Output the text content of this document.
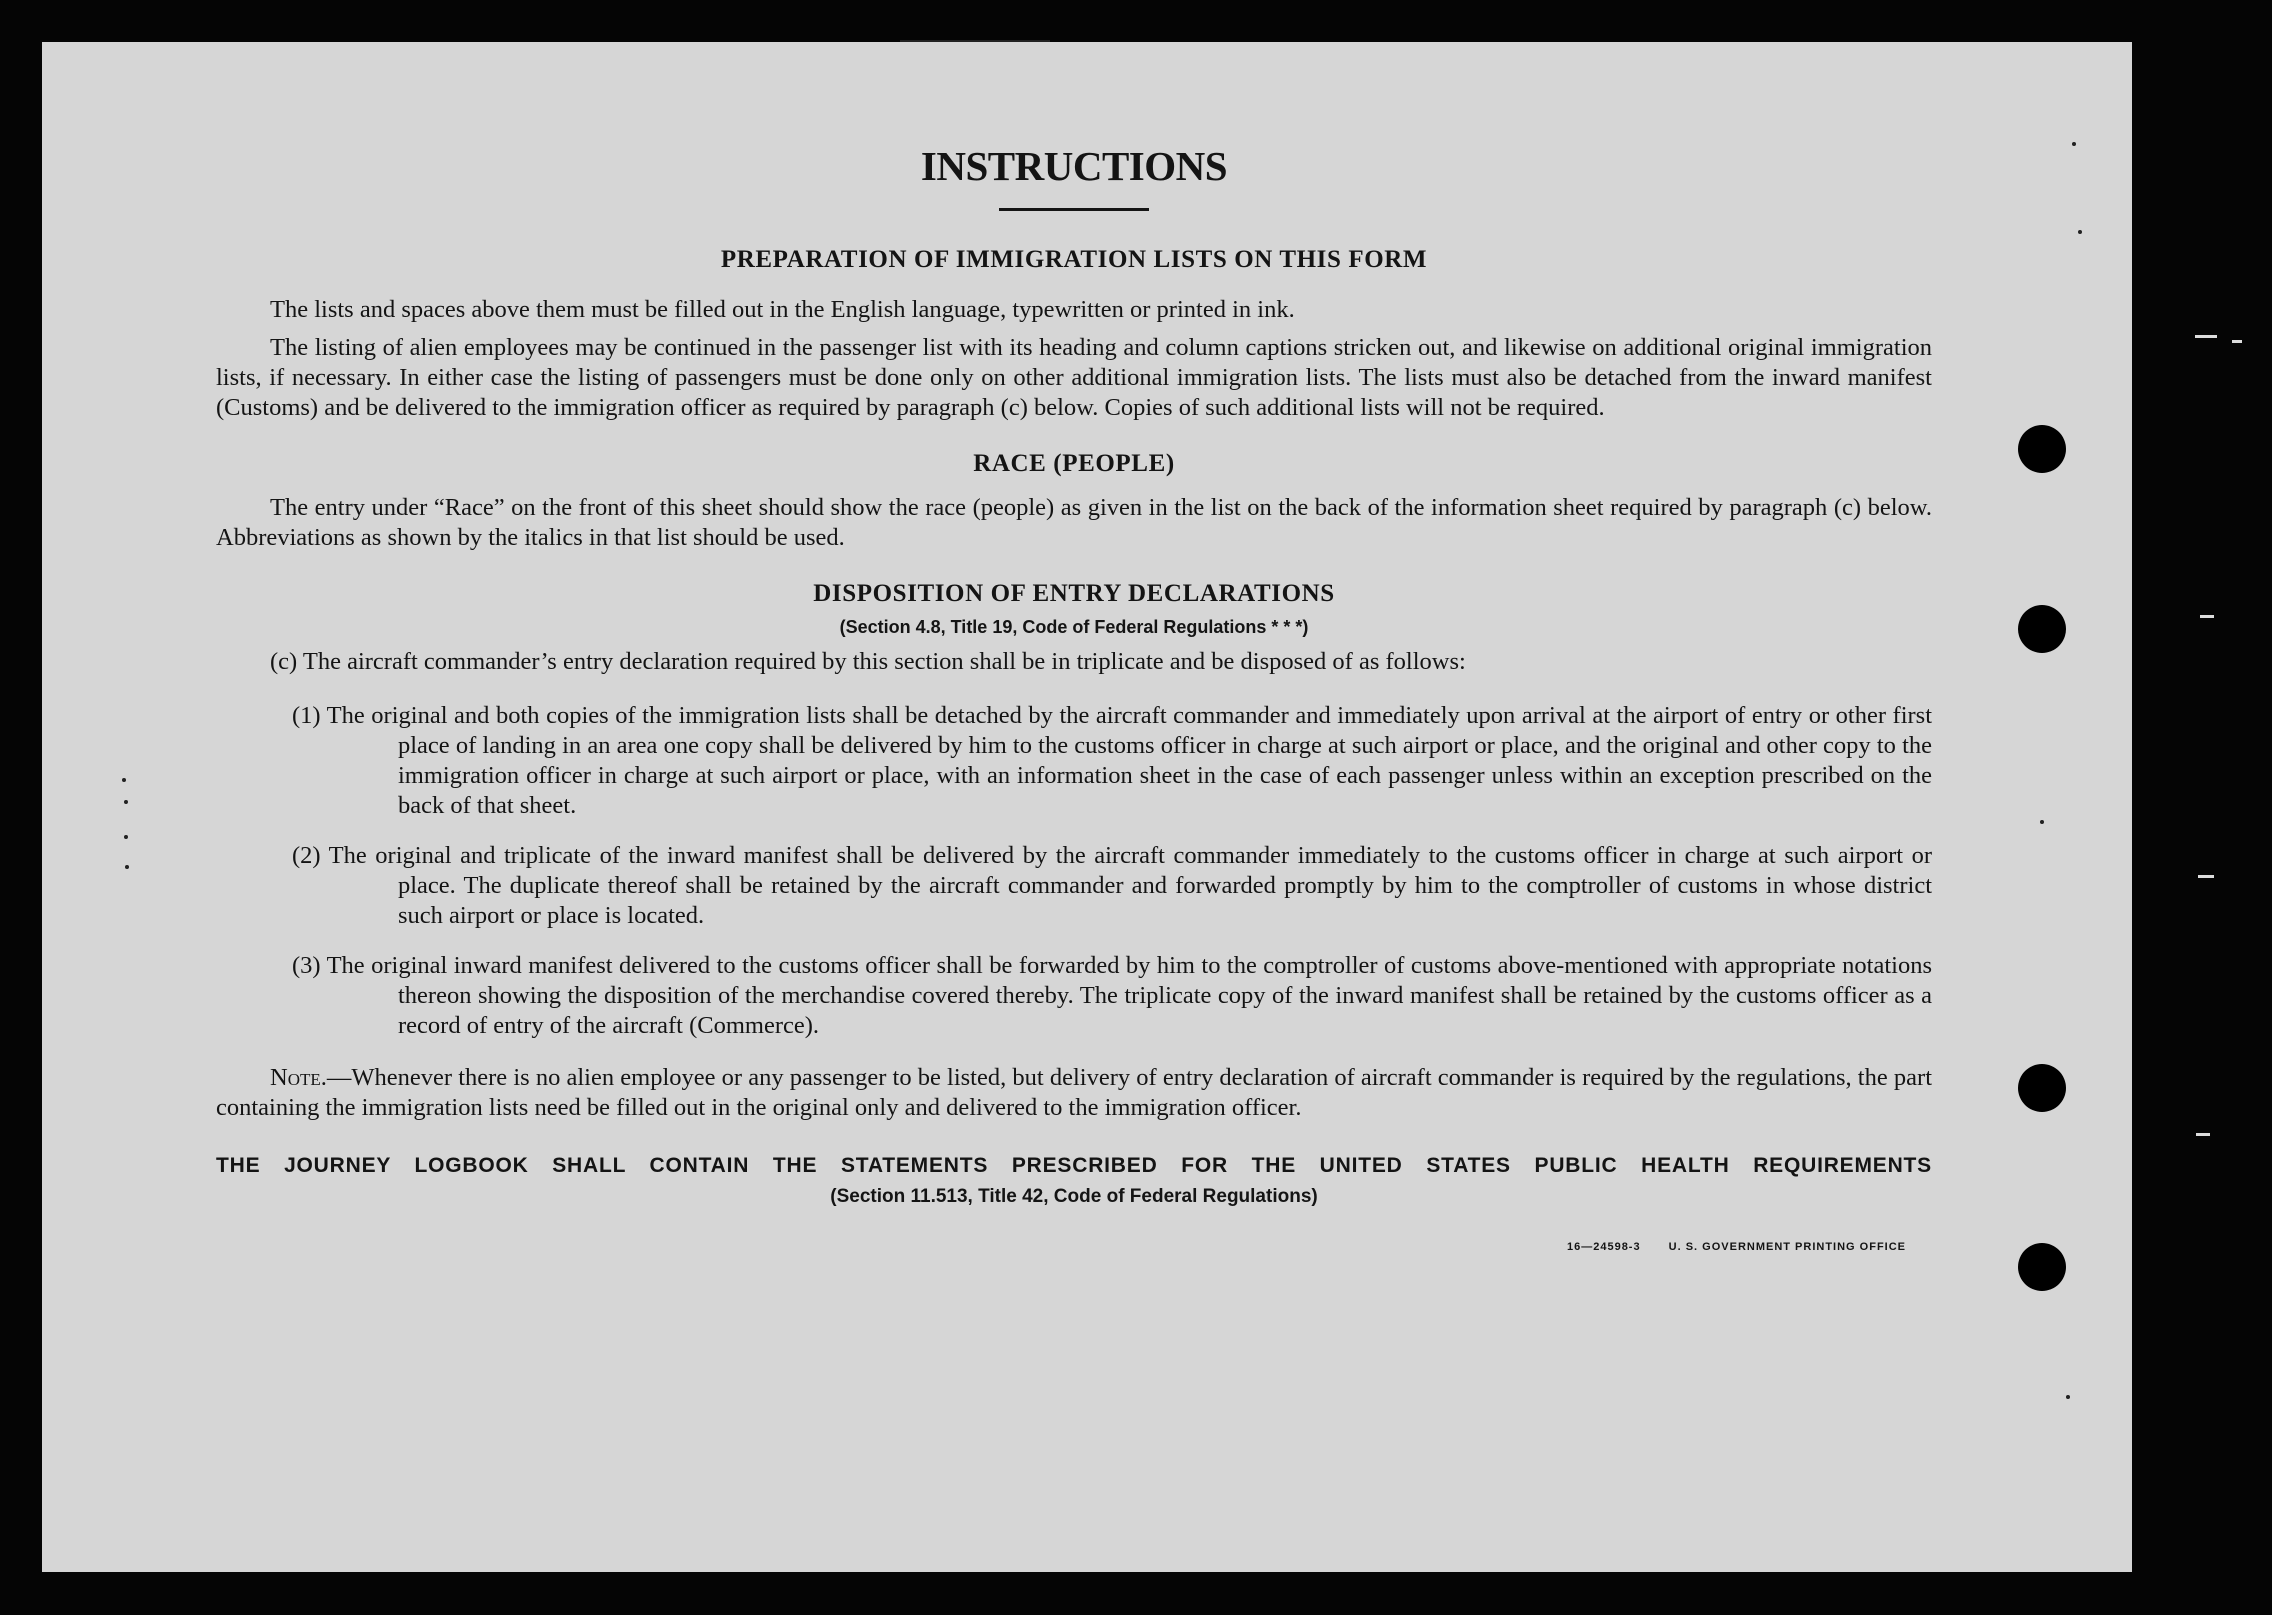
INSTRUCTIONS
PREPARATION OF IMMIGRATION LISTS ON THIS FORM

The lists and spaces above them must be filled out in the English language, typewritten or printed in ink.

The listing of alien employees may be continued in the passenger list with its heading and column captions stricken out, and likewise on additional original immigration lists, if necessary. In either case the listing of passengers must be done only on other additional immigration lists. The lists must also be detached from the inward manifest (Customs) and be delivered to the immigration officer as required by paragraph (c) below. Copies of such additional lists will not be required.

RACE (PEOPLE)

The entry under “Race” on the front of this sheet should show the race (people) as given in the list on the back of the information sheet required by paragraph (c) below. Abbreviations as shown by the italics in that list should be used.

DISPOSITION OF ENTRY DECLARATIONS
(Section 4.8, Title 19, Code of Federal Regulations * * *)

(c) The aircraft commander’s entry declaration required by this section shall be in triplicate and be disposed of as follows:

(1) The original and both copies of the immigration lists shall be detached by the aircraft commander and immediately upon arrival at the airport of entry or other first place of landing in an area one copy shall be delivered by him to the customs officer in charge at such airport or place, and the original and other copy to the immigration officer in charge at such airport or place, with an information sheet in the case of each passenger unless within an exception prescribed on the back of that sheet.

(2) The original and triplicate of the inward manifest shall be delivered by the aircraft commander immediately to the customs officer in charge at such airport or place. The duplicate thereof shall be retained by the aircraft commander and forwarded promptly by him to the comptroller of customs in whose district such airport or place is located.

(3) The original inward manifest delivered to the customs officer shall be forwarded by him to the comptroller of customs above-mentioned with appropriate notations thereon showing the disposition of the merchandise covered thereby. The triplicate copy of the inward manifest shall be retained by the customs officer as a record of entry of the aircraft (Commerce).

Note.—Whenever there is no alien employee or any passenger to be listed, but delivery of entry declaration of aircraft commander is required by the regulations, the part containing the immigration lists need be filled out in the original only and delivered to the immigration officer.

THE JOURNEY LOGBOOK SHALL CONTAIN THE STATEMENTS PRESCRIBED FOR THE UNITED STATES PUBLIC HEALTH REQUIREMENTS
(Section 11.513, Title 42, Code of Federal Regulations)
16—24598-3	U. S. GOVERNMENT PRINTING OFFICE
